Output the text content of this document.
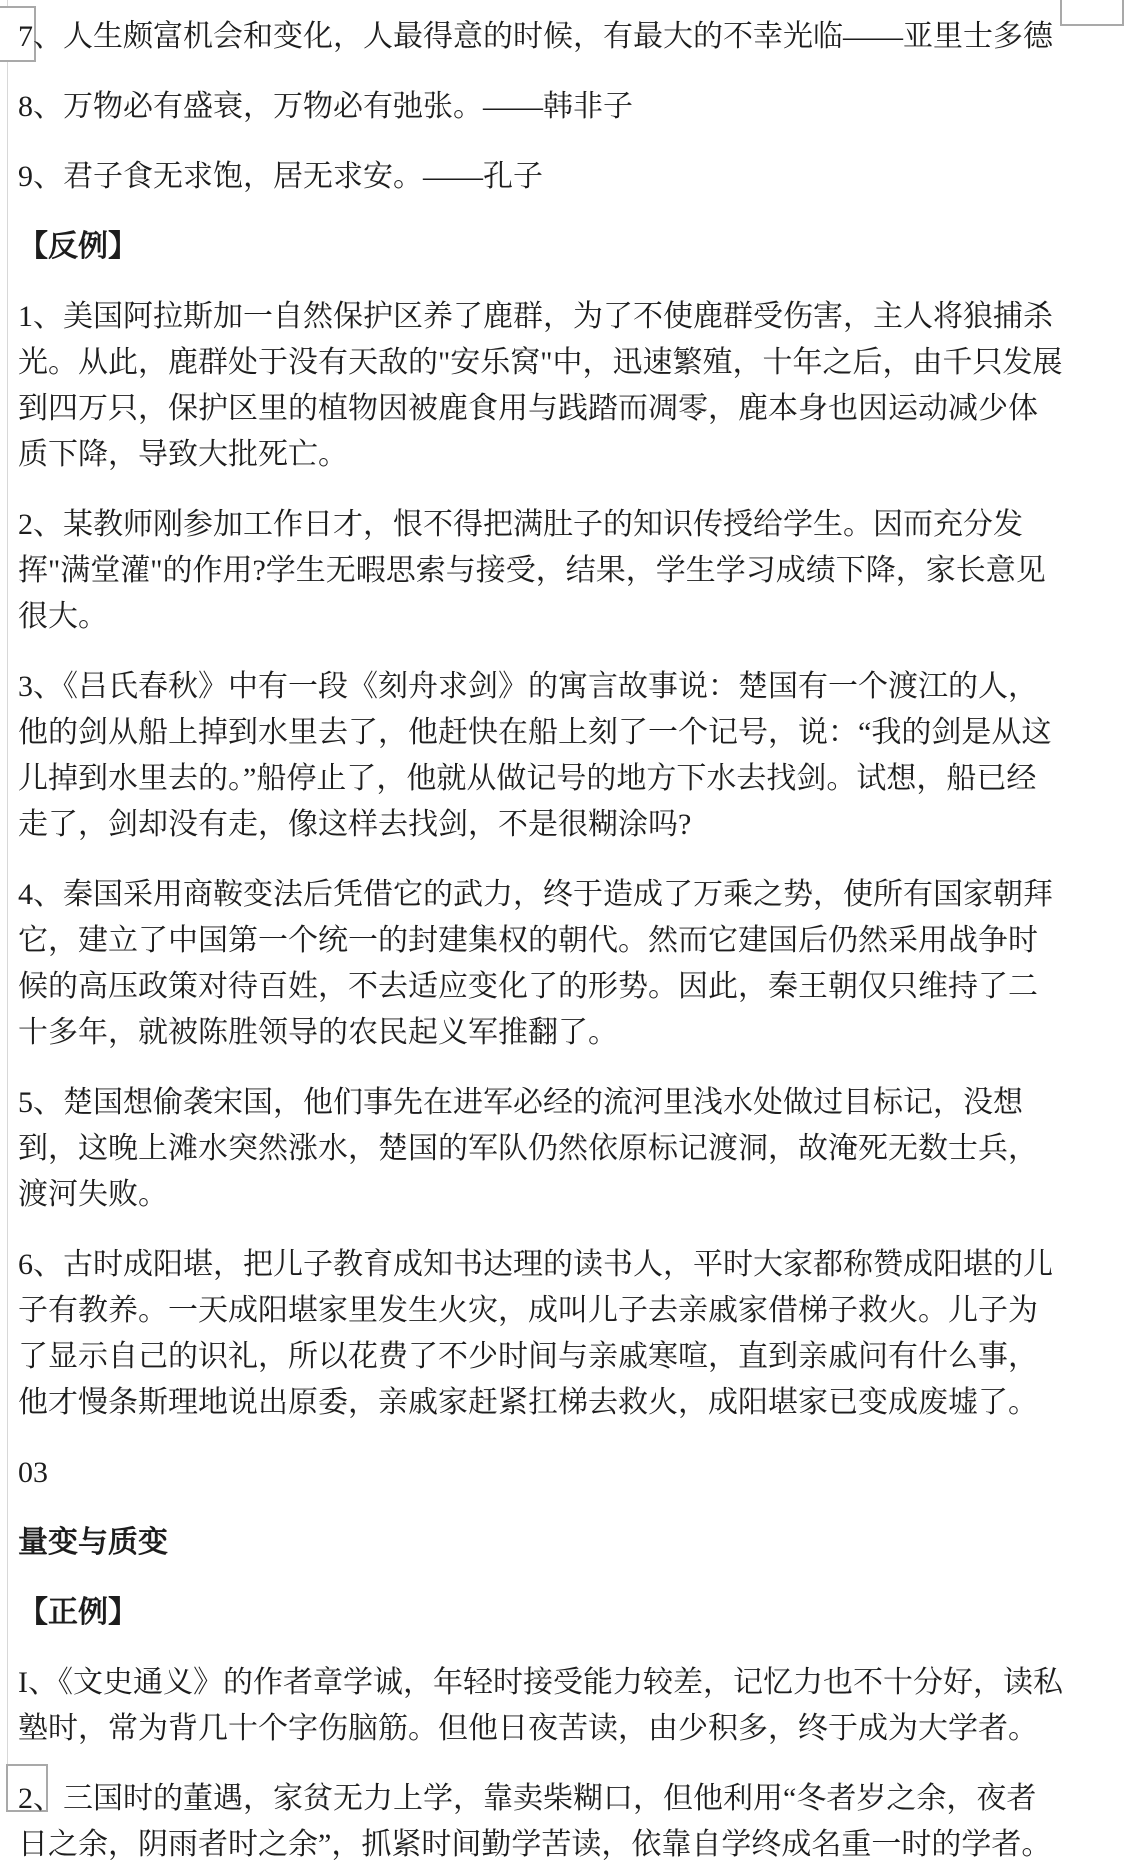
7、人生颇富机会和变化，人最得意的时候，有最大的不幸光临——亚里士多德

8、万物必有盛衰，万物必有弛张。——韩非子

9、君子食无求饱，居无求安。——孔子

【反例】

1、美国阿拉斯加一自然保护区养了鹿群，为了不使鹿群受伤害，主人将狼捕杀光。从此，鹿群处于没有天敌的"安乐窝"中，迅速繁殖，十年之后，由千只发展到四万只，保护区里的植物因被鹿食用与践踏而凋零，鹿本身也因运动减少体质下降，导致大批死亡。

2、某教师刚参加工作日才，恨不得把满肚子的知识传授给学生。因而充分发挥"满堂灌"的作用?学生无暇思索与接受，结果，学生学习成绩下降，家长意见很大。

3、《吕氏春秋》中有一段《刻舟求剑》的寓言故事说：楚国有一个渡江的人，他的剑从船上掉到水里去了，他赶快在船上刻了一个记号，说：“我的剑是从这儿掉到水里去的。”船停止了，他就从做记号的地方下水去找剑。试想，船已经走了，剑却没有走，像这样去找剑，不是很糊涂吗?

4、秦国采用商鞍变法后凭借它的武力，终于造成了万乘之势，使所有国家朝拜它，建立了中国第一个统一的封建集权的朝代。然而它建国后仍然采用战争时候的高压政策对待百姓，不去适应变化了的形势。因此，秦王朝仅只维持了二十多年，就被陈胜领导的农民起义军推翻了。

5、楚国想偷袭宋国，他们事先在进军必经的流河里浅水处做过目标记，没想到，这晚上滩水突然涨水，楚国的军队仍然依原标记渡洞，故淹死无数士兵，渡河失败。

6、古时成阳堪，把儿子教育成知书达理的读书人，平时大家都称赞成阳堪的儿子有教养。一天成阳堪家里发生火灾，成叫儿子去亲戚家借梯子救火。儿子为了显示自己的识礼，所以花费了不少时间与亲戚寒喧，直到亲戚问有什么事，他才慢条斯理地说出原委，亲戚家赶紧扛梯去救火，成阳堪家已变成废墟了。

03

量变与质变

【正例】

I、《文史通义》的作者章学诚，年轻时接受能力较差，记忆力也不十分好，读私塾时，常为背几十个字伤脑筋。但他日夜苦读，由少积多，终于成为大学者。

2、三国时的董遇，家贫无力上学，靠卖柴糊口，但他利用“冬者岁之余，夜者日之余，阴雨者时之余”，抓紧时间勤学苦读，依靠自学终成名重一时的学者。
